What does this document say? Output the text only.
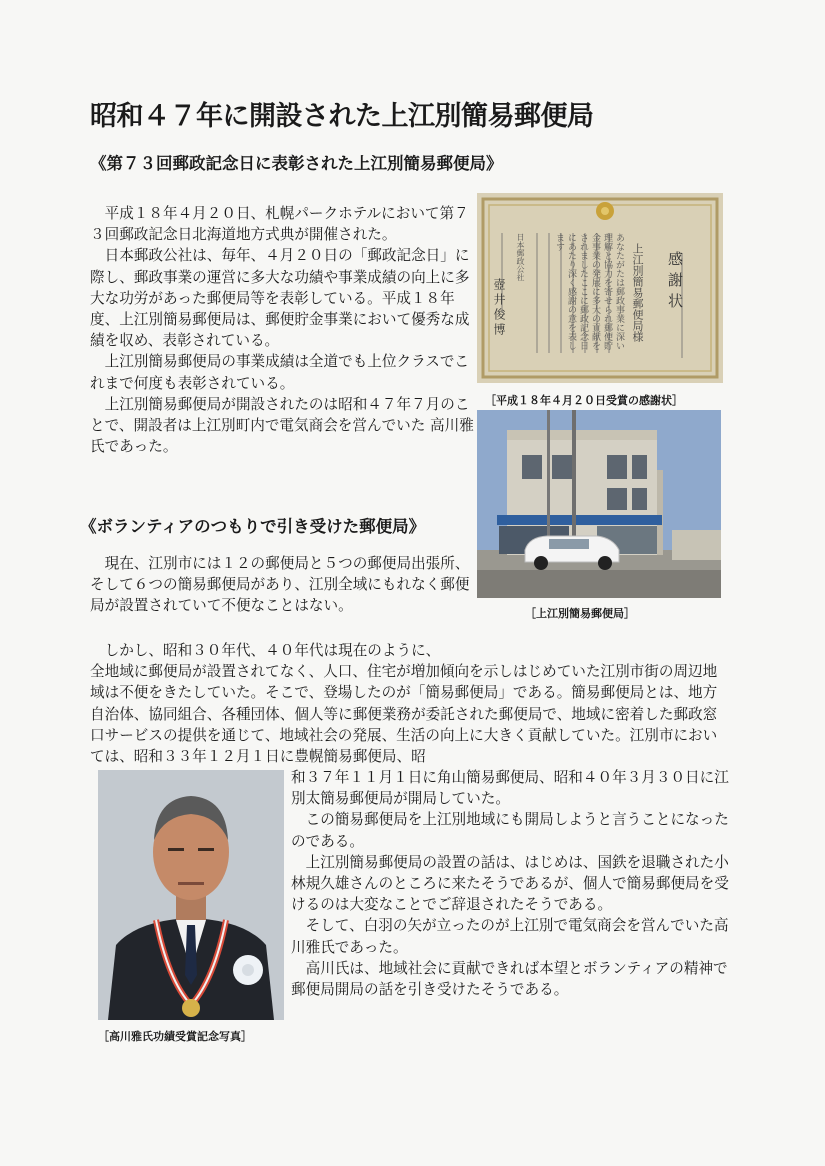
昭和４７年に開設された上江別簡易郵便局
《第７３回郵政記念日に表彰された上江別簡易郵便局》

　平成１８年４月２０日、札幌パークホテルにおいて第７３回郵政記念日北海道地方式典が開催された。
　日本郵政公社は、毎年、４月２０日の「郵政記念日」に際し、郵政事業の運営に多大な功績や事業成績の向上に多大な功労があった郵便局等を表彰している。平成１８年度、上江別簡易郵便局は、郵便貯金事業において優秀な成績を収め、表彰されている。
　上江別簡易郵便局の事業成績は全道でも上位クラスでこれまで何度も表彰されている。
　上江別簡易郵便局が開設されたのは昭和４７年７月のことで、開設者は上江別町内で電気商会を営んでいた 高川雅氏であった。

感謝状
上江別簡易郵便局様
あなたがたは郵政事業に深い理解と協力を寄せられ郵便貯金事業の発展に多大の貢献をされましたここに郵政記念日にあたり深く感謝の意を表します
日本郵政公社
壺井俊博
［平成１８年４月２０日受賞の感謝状］
［上江別簡易郵便局］
《ボランティアのつもりで引き受けた郵便局》

　現在、江別市には１２の郵便局と５つの郵便局出張所、そして６つの簡易郵便局があり、江別全域にもれなく郵便局が設置されていて不便なことはない。

　しかし、昭和３０年代、４０年代は現在のように、
全地域に郵便局が設置されてなく、人口、住宅が増加傾向を示しはじめていた江別市街の周辺地域は不便をきたしていた。そこで、登場したのが「簡易郵便局」である。簡易郵便局とは、地方自治体、協同組合、各種団体、個人等に郵便業務が委託された郵便局で、地域に密着した郵政窓口サービスの提供を通じて、地域社会の発展、生活の向上に大きく貢献していた。江別市においては、昭和３３年１２月１日に豊幌簡易郵便局、昭

［高川雅氏功績受賞記念写真］

和３７年１１月１日に角山簡易郵便局、昭和４０年３月３０日に江別太簡易郵便局が開局していた。
　この簡易郵便局を上江別地域にも開局しようと言うことになったのである。
　上江別簡易郵便局の設置の話は、はじめは、国鉄を退職された小林規久雄さんのところに来たそうであるが、個人で簡易郵便局を受けるのは大変なことでご辞退されたそうである。
　そして、白羽の矢が立ったのが上江別で電気商会を営んでいた高川雅氏であった。
　高川氏は、地域社会に貢献できれば本望とボランティアの精神で郵便局開局の話を引き受けたそうである。
